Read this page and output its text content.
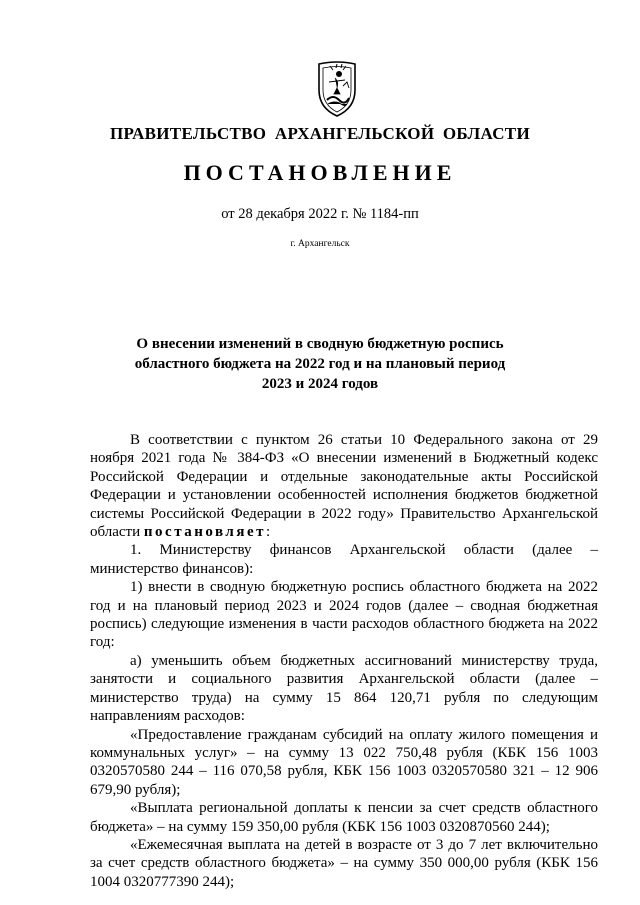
ПРАВИТЕЛЬСТВО АРХАНГЕЛЬСКОЙ ОБЛАСТИ
ПОСТАНОВЛЕНИЕ
от 28 декабря 2022 г. № 1184-пп
г. Архангельск
О внесении изменений в сводную бюджетную роспись
областного бюджета на 2022 год и на плановый период
2023 и 2024 годов

В соответствии с пунктом 26 статьи 10 Федерального закона от 29 ноября 2021 года № 384-ФЗ «О внесении изменений в Бюджетный кодекс Российской Федерации и отдельные законодательные акты Российской Федерации и установлении особенностей исполнения бюджетов бюджетной системы Российской Федерации в 2022 году» Правительство Архангельской области постановляет:

1. Министерству финансов Архангельской области (далее – министерство финансов):

1) внести в сводную бюджетную роспись областного бюджета на 2022 год и на плановый период 2023 и 2024 годов (далее – сводная бюджетная роспись) следующие изменения в части расходов областного бюджета на 2022 год:

а) уменьшить объем бюджетных ассигнований министерству труда, занятости и социального развития Архангельской области (далее – министерство труда) на сумму 15 864 120,71 рубля по следующим направлениям расходов:

«Предоставление гражданам субсидий на оплату жилого помещения и коммунальных услуг» – на сумму 13 022 750,48 рубля (КБК 156 1003 0320570580 244 – 116 070,58 рубля, КБК 156 1003 0320570580 321 – 12 906 679,90 рубля);

«Выплата региональной доплаты к пенсии за счет средств областного бюджета» – на сумму 159 350,00 рубля (КБК 156 1003 0320870560 244);

«Ежемесячная выплата на детей в возрасте от 3 до 7 лет включительно за счет средств областного бюджета» – на сумму 350 000,00 рубля (КБК 156 1004 0320777390 244);
